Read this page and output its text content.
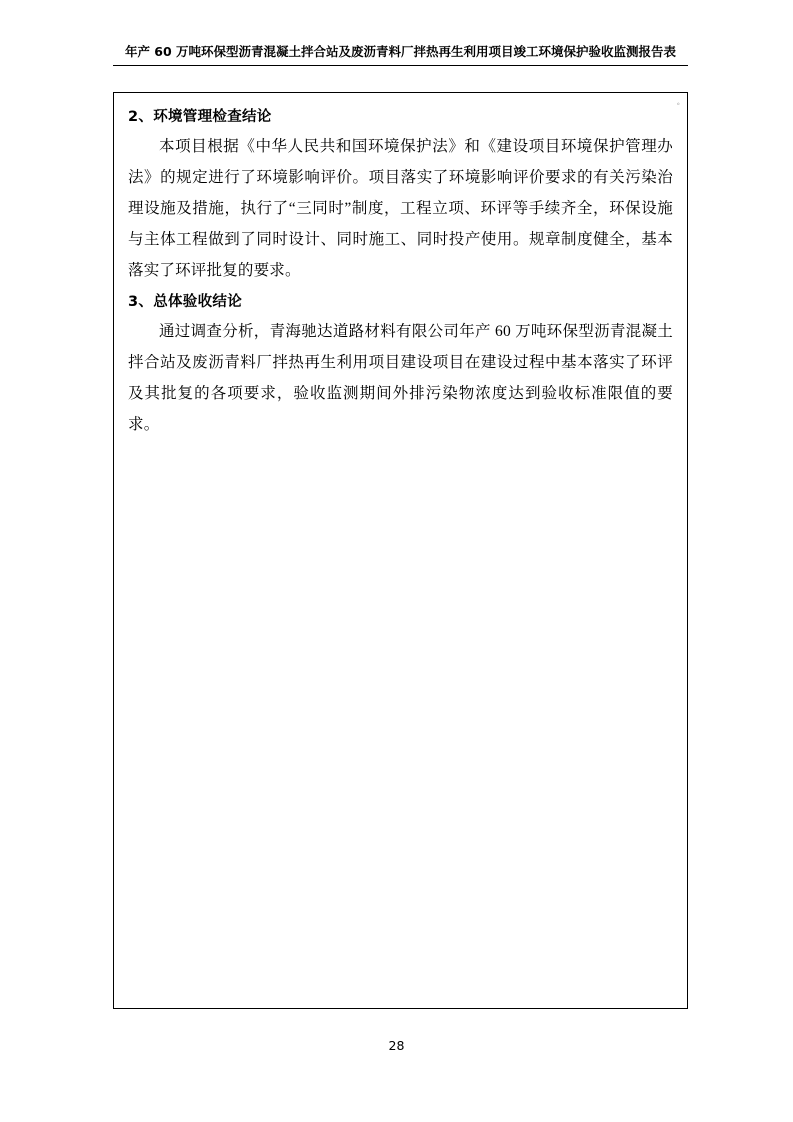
年产 60 万吨环保型沥青混凝土拌合站及废沥青料厂拌热再生利用项目竣工环境保护验收监测报告表
。
2、环境管理检查结论

本项目根据《中华人民共和国环境保护法》和《建设项目环境保护管理办法》的规定进行了环境影响评价。项目落实了环境影响评价要求的有关污染治理设施及措施，执行了“三同时”制度，工程立项、环评等手续齐全，环保设施与主体工程做到了同时设计、同时施工、同时投产使用。规章制度健全，基本落实了环评批复的要求。

3、总体验收结论

通过调查分析，青海驰达道路材料有限公司年产 60 万吨环保型沥青混凝土拌合站及废沥青料厂拌热再生利用项目建设项目在建设过程中基本落实了环评及其批复的各项要求，验收监测期间外排污染物浓度达到验收标准限值的要求。

28
